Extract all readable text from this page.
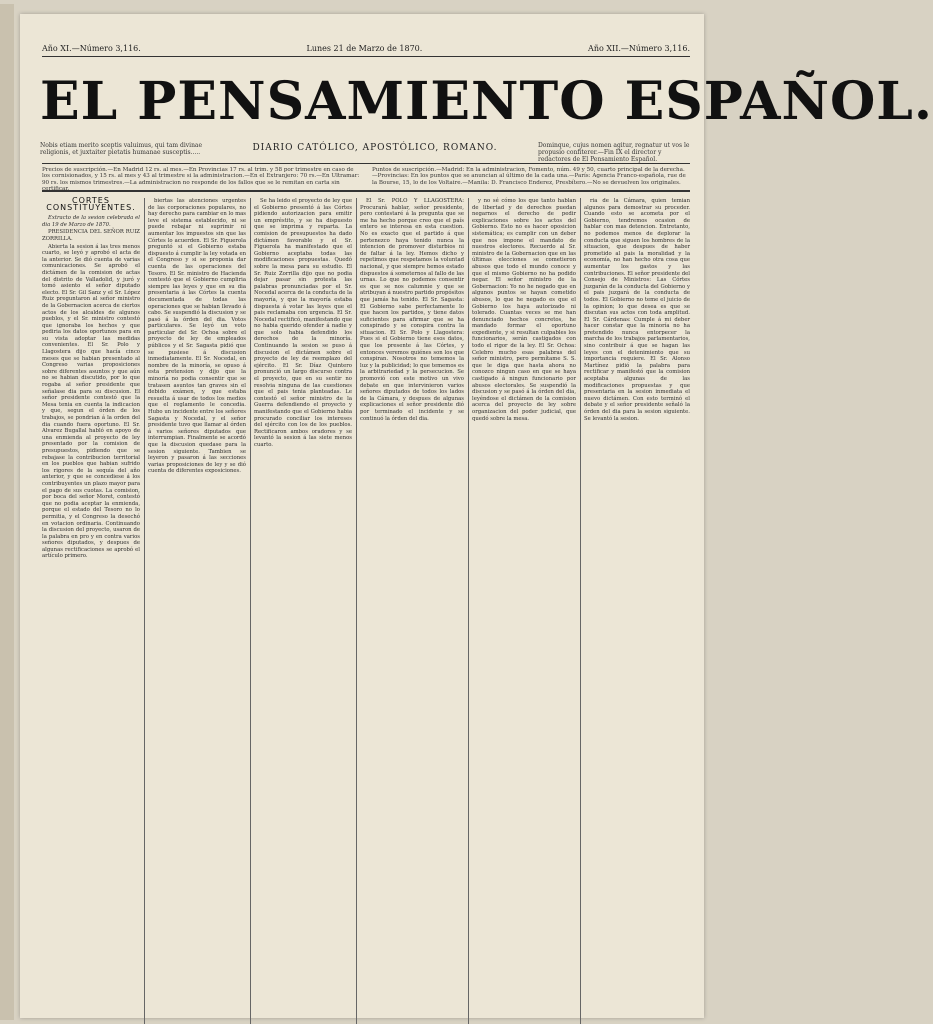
Año XI.—Número 3,116.	Lunes 21 de Marzo de 1870.	Año XII.—Número 3,116.
EL PENSAMIENTO ESPAÑOL.
Nobis etiam merito sceptis valuimus, qui tam divinae religionis, et juxtaiter pietatis humanae susceptis.....	DIARIO CATÓLICO, APOSTÓLICO, ROMANO.	Dominque, cujus nomen agitur, regnatur ut vos le propusio confiterer.—Fin IX el director y redactores de El Pensamiento Español.
Precios de suscripción.—En Madrid 12 rs. al mes.—En Provincias 17 rs. al trim. y 58 por trimestre en caso de los cornisionados, y 15 rs. al mes y 43 al trimestre si la administracion.—En el Extranjero: 70 rs.—En Ultramar: 90 rs. los mismos trimestres.—La administracion no responde de los fallos que se le remitan en carta sin
Puntos de suscripción.—Madrid: En la administracion, Fomento, núm. 49 y 50, cuarto principal de la derecha.—Provincias: En los puntos que se anuncian al último de la cada una.—París: Agencia Franco-española, rue de la Bourse, 15, lo de los Voltaire.—Manila: D. Francisco Enderez, Presbítero.—No se devuelven los originales.
CORTES CONSTITUYENTES.

Extracto de la sesion celebrada el dia 19 de Marzo de 1870.

PRESIDENCIA DEL SEÑOR RUIZ ZORRILLA.

Abierta la sesion á las tres menos cuarto, se leyó y aprobó el acta de la anterior. Se dió cuenta de varias comunicaciones. Se aprobó el dictámen de la comision de actas del distrito de Valladolid, y juró y tomó asiento el señor diputado electo. El Sr. Gil Sanz y el Sr. López Ruiz preguntaron al señor ministro de la Gobernacion acerca de ciertos actos de los alcaldes de algunos pueblos, y el Sr. ministro contestó que ignoraba los hechos y que pediria los datos oportunos para en su vista adoptar las medidas convenientes. El Sr. Polo y Llagostera dijo que hacía cinco meses que se habian presentado al Congreso varias proposiciones sobre diferentes asuntos y que aún no se habian discutido, por lo que rogaba al señor presidente que señalase dia para su discusion. El señor presidente contestó que la Mesa tenia en cuenta la indicacion y que, segun el órden de los trabajos, se pondrian á la orden del dia cuando fuera oportuno. El Sr. Alvarez Bugallal habló en apoyo de una enmienda al proyecto de ley presentado por la comision de presupuestos, pidiendo que se rebajase la contribucion territorial en los pueblos que habian sufrido los rigores de la sequía del año anterior, y que se concediese á los contribuyentes un plazo mayor para el pago de sus cuotas. La comision, por boca del señor Moret, contestó que no podia aceptar la enmienda, porque el estado del Tesoro no lo permitia, y el Congreso la desechó en votacion ordinaria. Continuando la discusion del proyecto, usaron de la palabra en pro y en contra varios señores diputados, y despues de algunas rectificaciones se aprobó el artículo primero.

biertas las atenciones urgentes de las corporaciones populares, no hay derecho para cambiar en lo mas leve el sistema establecido, ni se puede rebajar ni suprimir ni aumentar los impuestos sin que las Córtes lo acuerden. El Sr. Figuerola preguntó si el Gobierno estaba dispuesto á cumplir la ley votada en el Congreso y si se proponia dar cuenta de las operaciones del Tesoro. El Sr. ministro de Hacienda contestó que el Gobierno cumpliria siempre las leyes y que en su dia presentaria á las Córtes la cuenta documentada de todas las operaciones que se habian llevado á cabo. Se suspendió la discusion y se pasó á la órden del dia. Votos particulares. Se leyó un voto particular del Sr. Ochoa sobre el proyecto de ley de empleados públicos y el Sr. Sagasta pidió que se pusiese á discusion inmediatamente. El Sr. Nocedal, en nombre de la minoría, se opuso á esta pretension y dijo que la minoría no podia consentir que se tratasen asuntos tan graves sin el debido exámen, y que estaba resuelta á usar de todos los medios que el reglamento le concedia. Hubo un incidente entre los señores Sagasta y Nocedal, y el señor presidente tuvo que llamar al órden á varios señores diputados que interrumpian. Finalmente se acordó que la discusion quedase para la sesion siguiente. Tambien se leyeron y pasaron á las secciones varias proposiciones de ley y se dió cuenta de diferentes exposiciones.

Se ha leido el proyecto de ley que el Gobierno presentó á las Córtes pidiendo autorizacion para emitir un empréstito, y se ha dispuesto que se imprima y reparta. La comision de presupuestos ha dado dictámen favorable y el Sr. Figuerola ha manifestado que el Gobierno aceptaba todas las modificaciones propuestas. Quedó sobre la mesa para su estudio. El Sr. Ruiz Zorrilla dijo que no podia dejar pasar sin protesta las palabras pronunciadas por el Sr. Nocedal acerca de la conducta de la mayoría, y que la mayoría estaba dispuesta á votar las leyes que el pais reclamaba con urgencia. El Sr. Nocedal rectificó, manifestando que no habia querido ofender á nadie y que solo habia defendido los derechos de la minoría. Continuando la sesion se puso á discusion el dictámen sobre el proyecto de ley de reemplazo del ejército. El Sr. Díaz Quintero pronunció un largo discurso contra el proyecto, que en su sentir no resolvia ninguna de las cuestiones que el pais tenia planteadas. Le contestó el señor ministro de la Guerra defendiendo el proyecto y manifestando que el Gobierno habia procurado conciliar los intereses del ejército con los de los pueblos. Rectificaron ambos oradores y se levantó la sesion á las siete menos cuarto.

El Sr. POLO Y LLAGOSTERA: Procurará hablar, señor presidente, pero contestaré á la pregunta que se me ha hecho porque creo que el país entero se interesa en esta cuestion. No es exacto que el partido á que pertenezco haya tenido nunca la intencion de promover disturbios ni de faltar á la ley. Hemos dicho y repetimos que respetamos la voluntad nacional, y que siempre hemos estado dispuestos á someternos al fallo de las urnas. Lo que no podemos consentir es que se nos calumnie y que se atribuyan á nuestro partido propósitos que jamás ha tenido. El Sr. Sagasta: El Gobierno sabe perfectamente lo que hacen los partidos, y tiene datos suficientes para afirmar que se ha conspirado y se conspira contra la situacion. El Sr. Polo y Llagostera: Pues si el Gobierno tiene esos datos, que los presente á las Córtes, y entonces veremos quiénes son los que conspiran. Nosotros no tememos la luz y la publicidad; lo que tememos es la arbitrariedad y la persecucion. Se promovió con este motivo un vivo debate en que intervinieron varios señores diputados de todos los lados de la Cámara, y despues de algunas explicaciones el señor presidente dió por terminado el incidente y se continuó la órden del dia.

y no sé cómo los que tanto hablan de libertad y de derechos puedan negarnos el derecho de pedir explicaciones sobre los actos del Gobierno. Esto no es hacer oposicion sistemática; es cumplir con un deber que nos impone el mandato de nuestros electores. Recuerdo al Sr. ministro de la Gobernacion que en las últimas elecciones se cometieron abusos que todo el mundo conoce y que el mismo Gobierno no ha podido negar. El señor ministro de la Gobernacion: Yo no he negado que en algunos puntos se hayan cometido abusos, lo que he negado es que el Gobierno los haya autorizado ni tolerado. Cuantas veces se me han denunciado hechos concretos, he mandado formar el oportuno expediente, y si resultan culpables los funcionarios, serán castigados con todo el rigor de la ley. El Sr. Ochoa: Celebro mucho esas palabras del señor ministro, pero permítame S. S. que le diga que hasta ahora no conozco ningun caso en que se haya castigado á ningun funcionario por abusos electorales. Se suspendió la discusion y se pasó á la órden del dia, leyéndose el dictámen de la comision acerca del proyecto de ley sobre organizacion del poder judicial, que quedó sobre la mesa.

ria de la Cámara, quien temian algunos para demostrar su proceder. Cuando esto se acometa por el Gobierno, tendremos ocasion de hablar con mas detencion. Entretanto, no podemos menos de deplorar la conducta que siguen los hombres de la situacion, que despues de haber prometido al pais la moralidad y la economía, no han hecho otra cosa que aumentar los gastos y las contribuciones. El señor presidente del Consejo de Ministros: Las Córtes juzgarán de la conducta del Gobierno y el pais juzgará de la conducta de todos. El Gobierno no teme el juicio de la opinion; lo que desea es que se discutan sus actos con toda amplitud. El Sr. Cárdenas: Cumple á mi deber hacer constar que la minoría no ha pretendido nunca entorpecer la marcha de los trabajos parlamentarios, sino contribuir á que se hagan las leyes con el detenimiento que su importancia requiere. El Sr. Alonso Martínez pidió la palabra para rectificar y manifestó que la comision aceptaba algunas de las modificaciones propuestas y que presentaria en la sesion inmediata el nuevo dictámen. Con esto terminó el debate y el señor presidente señaló la órden del dia para la sesion siguiente. Se levantó la sesion.
